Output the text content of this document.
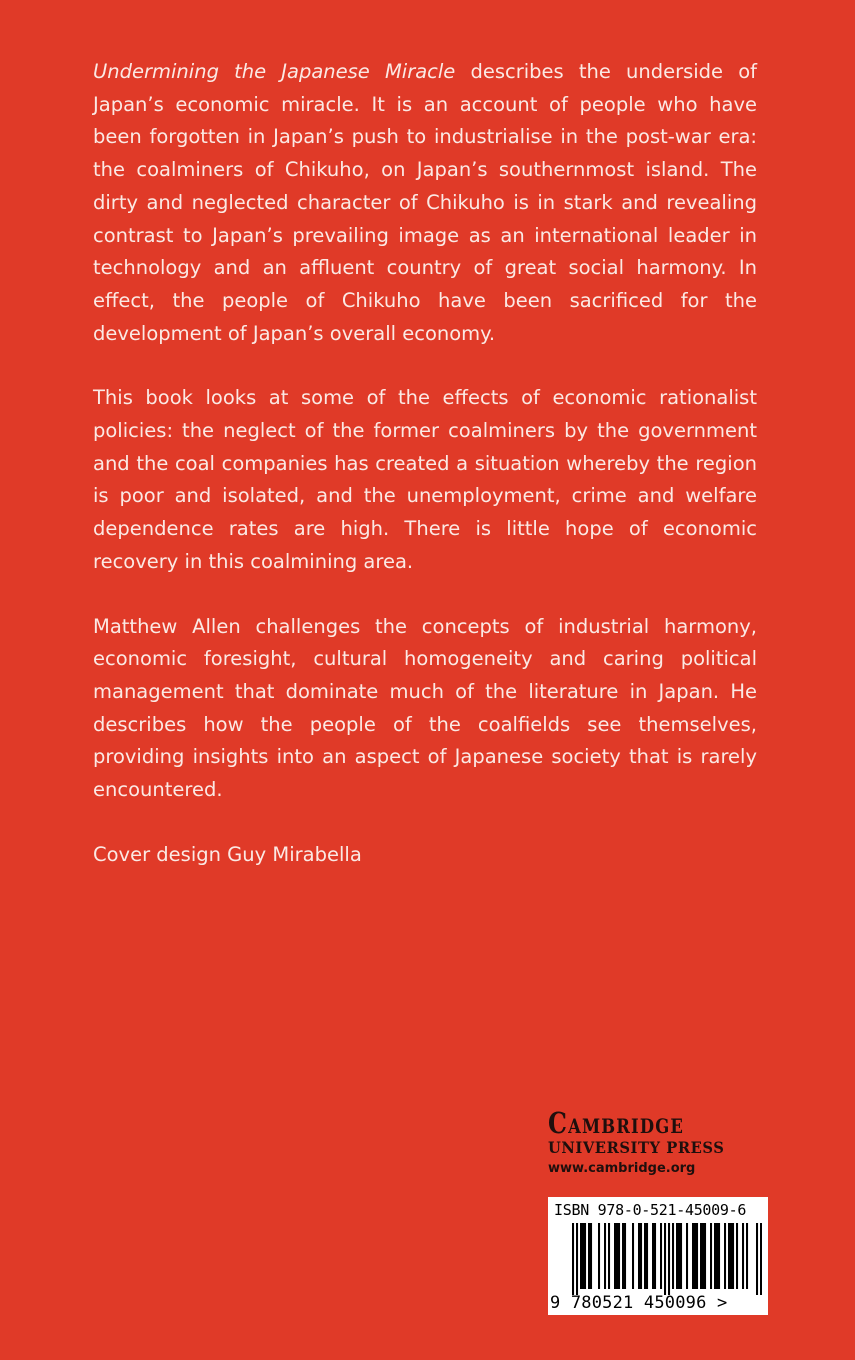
Undermining the Japanese Miracle describes the underside of Japan’s economic miracle. It is an account of people who have been forgotten in Japan’s push to industrialise in the post-war era: the coalminers of Chikuho, on Japan’s southernmost island. The dirty and neglected character of Chikuho is in stark and revealing contrast to Japan’s prevailing image as an international leader in technology and an affluent country of great social harmony. In effect, the people of Chikuho have been sacrificed for the development of Japan’s overall economy.

This book looks at some of the effects of economic rationalist policies: the neglect of the former coalminers by the government and the coal companies has created a situation whereby the region is poor and isolated, and the unemployment, crime and welfare dependence rates are high. There is little hope of economic recovery in this coalmining area.

Matthew Allen challenges the concepts of industrial harmony, economic foresight, cultural homogeneity and caring political management that dominate much of the literature in Japan. He describes how the people of the coalfields see themselves, providing insights into an aspect of Japanese society that is rarely encountered.

Cover design Guy Mirabella

Cambridge
UNIVERSITY PRESS
www.cambridge.org
ISBN 978-0-521-45009-6
9 780521 450096 >
